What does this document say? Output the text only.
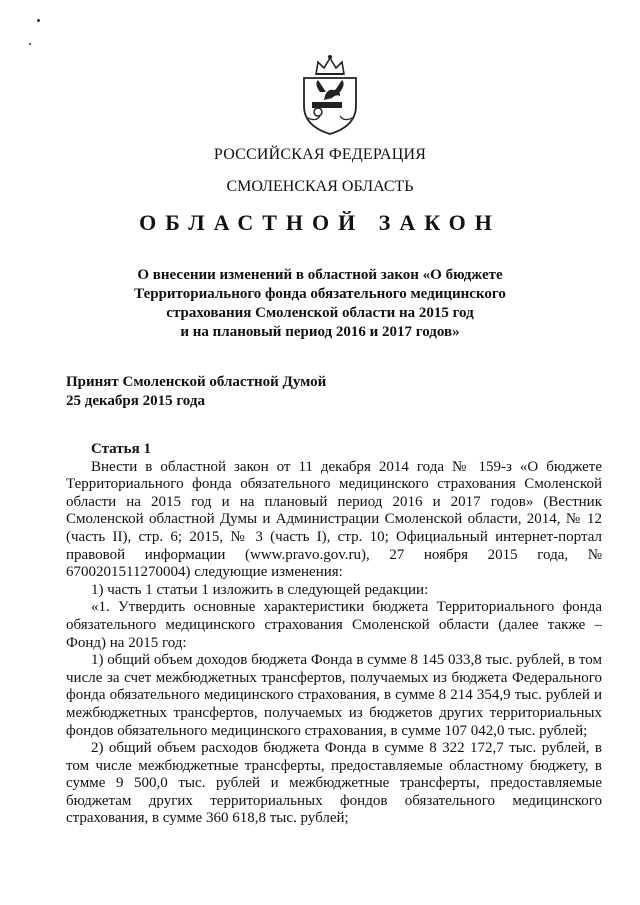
РОССИЙСКАЯ ФЕДЕРАЦИЯ
СМОЛЕНСКАЯ ОБЛАСТЬ
ОБЛАСТНОЙ ЗАКОН
О внесении изменений в областной закон «О бюджете
Территориального фонда обязательного медицинского
страхования Смоленской области на 2015 год
и на плановый период 2016 и 2017 годов»
Принят Смоленской областной Думой
25 декабря 2015 года
Статья 1

Внести в областной закон от 11 декабря 2014 года № 159-з «О бюджете Территориального фонда обязательного медицинского страхования Смоленской области на 2015 год и на плановый период 2016 и 2017 годов» (Вестник Смоленской областной Думы и Администрации Смоленской области, 2014, № 12 (часть II), стр. 6; 2015, № 3 (часть I), стр. 10; Официальный интернет-портал правовой информации (www.pravo.gov.ru), 27 ноября 2015 года, № 6700201511270004) следующие изменения:

1) часть 1 статьи 1 изложить в следующей редакции:

«1. Утвердить основные характеристики бюджета Территориального фонда обязательного медицинского страхования Смоленской области (далее также – Фонд) на 2015 год:

1) общий объем доходов бюджета Фонда в сумме 8 145 033,8 тыс. рублей, в том числе за счет межбюджетных трансфертов, получаемых из бюджета Федерального фонда обязательного медицинского страхования, в сумме 8 214 354,9 тыс. рублей и межбюджетных трансфертов, получаемых из бюджетов других территориальных фондов обязательного медицинского страхования, в сумме 107 042,0 тыс. рублей;

2) общий объем расходов бюджета Фонда в сумме 8 322 172,7 тыс. рублей, в том числе межбюджетные трансферты, предоставляемые областному бюджету, в сумме 9 500,0 тыс. рублей и межбюджетные трансферты, предоставляемые бюджетам других территориальных фондов обязательного медицинского страхования, в сумме 360 618,8 тыс. рублей;
